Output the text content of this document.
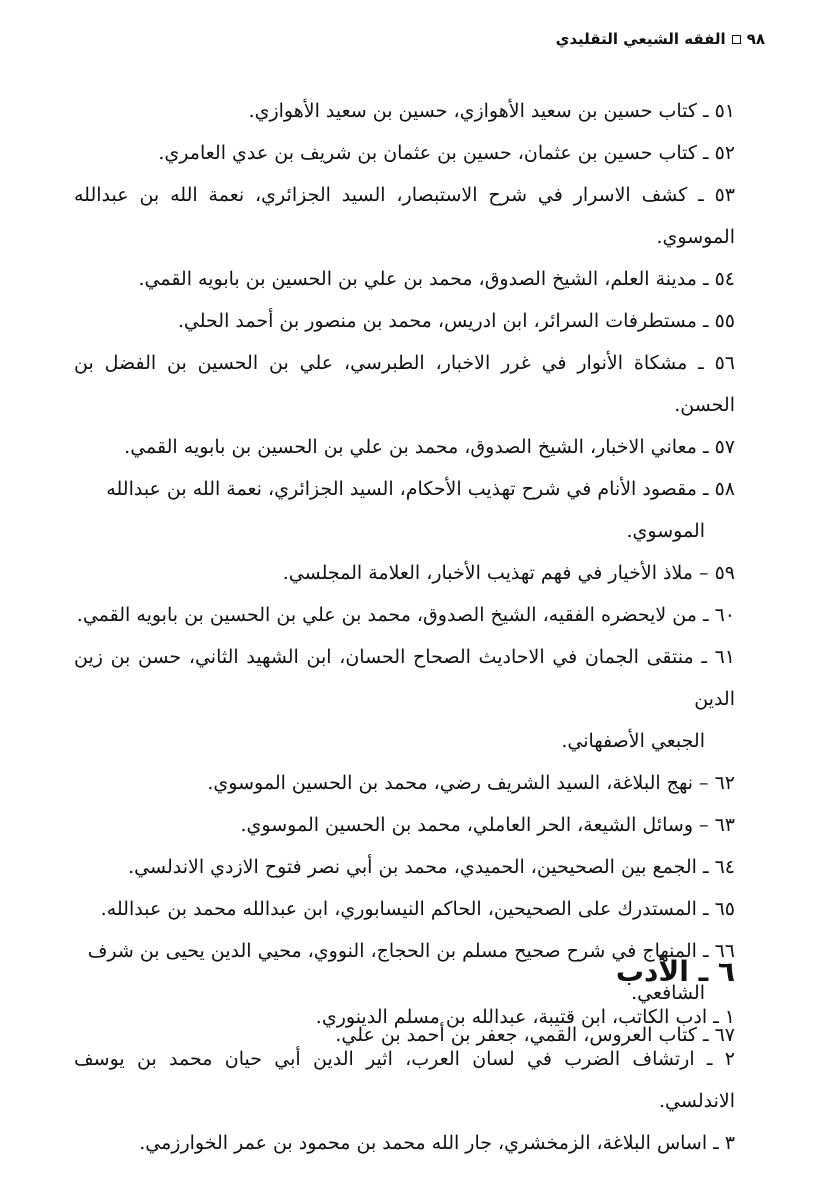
٩٨
الفقه الشيعي التقليدي
٥١ ـ كتاب حسين بن سعيد الأهوازي، حسين بن سعيد الأهوازي.
٥٢ ـ كتاب حسين بن عثمان، حسين بن عثمان بن شريف بن عدي العامري.
٥٣ ـ كشف الاسرار في شرح الاستبصار، السيد الجزائري، نعمة الله بن عبدالله الموسوي.
٥٤ ـ مدينة العلم، الشيخ الصدوق، محمد بن علي بن الحسين بن بابويه القمي.
٥٥ ـ مستطرفات السرائر، ابن ادريس، محمد بن منصور بن أحمد الحلي.
٥٦ ـ مشكاة الأنوار في غرر الاخبار، الطبرسي، علي بن الحسين بن الفضل بن الحسن.
٥٧ ـ معاني الاخبار، الشيخ الصدوق، محمد بن علي بن الحسين بن بابويه القمي.
٥٨ ـ مقصود الأنام في شرح تهذيب الأحكام، السيد الجزائري، نعمة الله بن عبدالله
الموسوي.
٥٩ – ملاذ الأخيار في فهم تهذيب الأخبار، العلامة المجلسي.
٦٠ ـ من لايحضره الفقيه، الشيخ الصدوق، محمد بن علي بن الحسين بن بابويه القمي.
٦١ ـ منتقى الجمان في الاحاديث الصحاح الحسان، ابن الشهيد الثاني، حسن بن زين الدين
الجبعي الأصفهاني.
٦٢ – نهج البلاغة، السيد الشريف رضي، محمد بن الحسين الموسوي.
٦٣ – وسائل الشيعة، الحر العاملي، محمد بن الحسين الموسوي.
٦٤ ـ الجمع بين الصحيحين، الحميدي، محمد بن أبي نصر فتوح الازدي الاندلسي.
٦٥ ـ المستدرك على الصحيحين، الحاكم النيسابوري، ابن عبدالله محمد بن عبدالله.
٦٦ ـ المنهاج في شرح صحيح مسلم بن الحجاج، النووي، محيي الدين يحيى بن شرف
الشافعي.
٦٧ ـ كتاب العروس، القمي، جعفر بن أحمد بن علي.
٦ ـ الأدب
١ ـ ادب الكاتب، ابن قتيبة، عبدالله بن مسلم الدينوري.
٢ ـ ارتشاف الضرب في لسان العرب، اثير الدين أبي حيان محمد بن يوسف الاندلسي.
٣ ـ اساس البلاغة، الزمخشري، جار الله محمد بن محمود بن عمر الخوارزمي.
